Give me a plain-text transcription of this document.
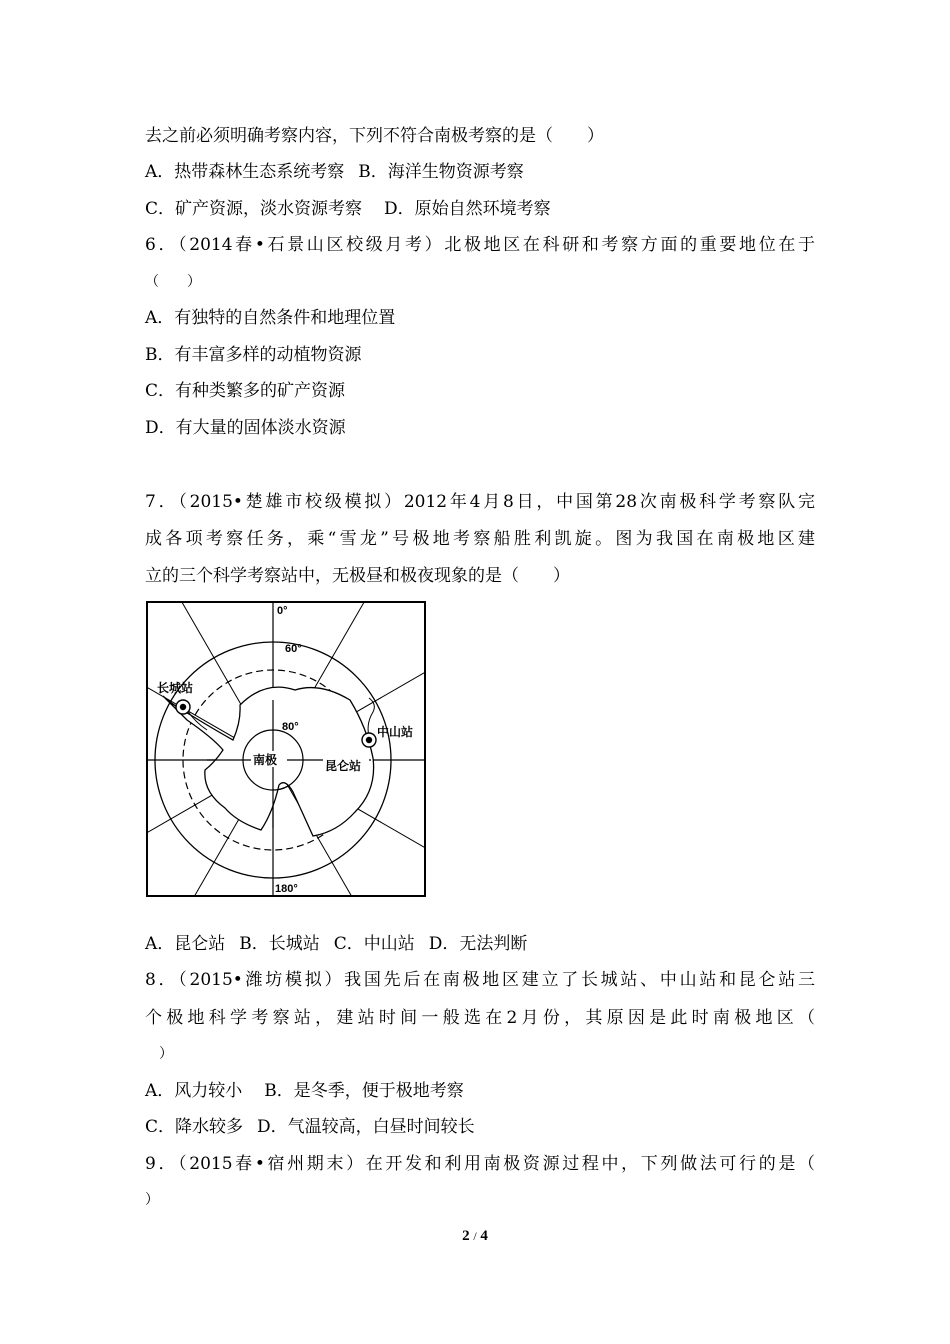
去之前必须明确考察内容，下列不符合南极考察的是（　　）
A．热带森林生态系统考察 B．海洋生物资源考察
C．矿产资源，淡水资源考察 D．原始自然环境考察
6．（2014春•石景山区校级月考）北极地区在科研和考察方面的重要地位在于
（　　）
A．有独特的自然条件和地理位置
B．有丰富多样的动植物资源
C．有种类繁多的矿产资源
D．有大量的固体淡水资源
7．（2015•楚雄市校级模拟）2012年4月8日，中国第28次南极科学考察队完
成各项考察任务，乘“雪龙”号极地考察船胜利凯旋。图为我国在南极地区建
立的三个科学考察站中，无极昼和极夜现象的是（　　）
0°
60°
80°
180°
南极
长城站
中山站
昆仑站
A．昆仑站 B．长城站 C．中山站 D．无法判断
8．（2015•潍坊模拟）我国先后在南极地区建立了长城站、中山站和昆仑站三
个极地科学考察站，建站时间一般选在2月份，其原因是此时南极地区（
　）
A．风力较小 B．是冬季，便于极地考察
C．降水较多 D．气温较高，白昼时间较长
9．（2015春•宿州期末）在开发和利用南极资源过程中，下列做法可行的是（
）
2 / 4
